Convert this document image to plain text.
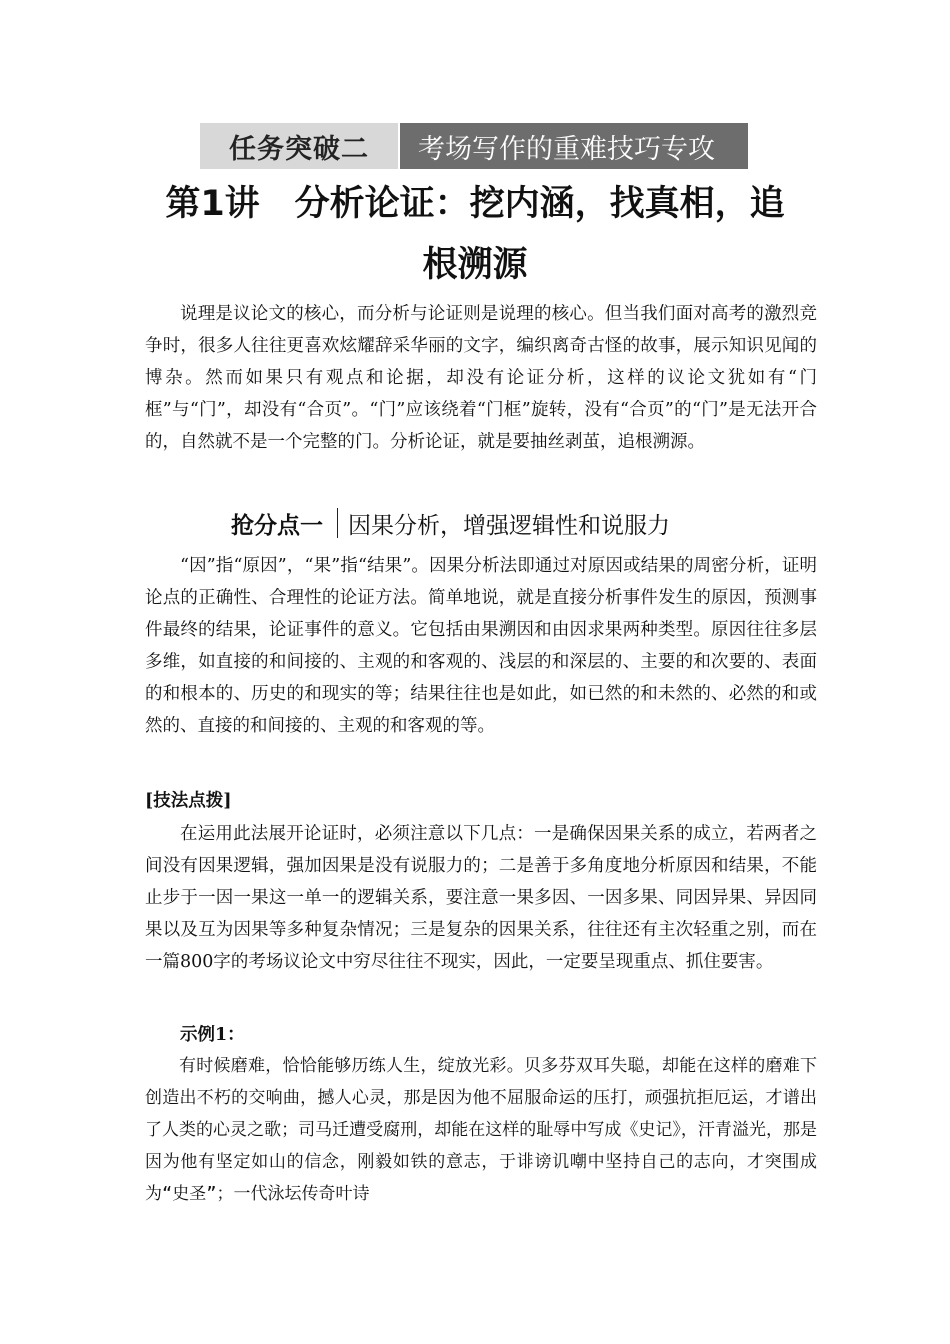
任务突破二	考场写作的重难技巧专攻
第1讲　分析论证：挖内涵，找真相，追
根溯源
说理是议论文的核心，而分析与论证则是说理的核心。但当我们面对高考的激烈竞争时，很多人往往更喜欢炫耀辞采华丽的文字，编织离奇古怪的故事，展示知识见闻的博杂。然而如果只有观点和论据，却没有论证分析，这样的议论文犹如有“门框”与“门”，却没有“合页”。“门”应该绕着“门框”旋转，没有“合页”的“门”是无法开合的，自然就不是一个完整的门。分析论证，就是要抽丝剥茧，追根溯源。
抢分点一 因果分析，增强逻辑性和说服力
“因”指“原因”，“果”指“结果”。因果分析法即通过对原因或结果的周密分析，证明论点的正确性、合理性的论证方法。简单地说，就是直接分析事件发生的原因，预测事件最终的结果，论证事件的意义。它包括由果溯因和由因求果两种类型。原因往往多层多维，如直接的和间接的、主观的和客观的、浅层的和深层的、主要的和次要的、表面的和根本的、历史的和现实的等；结果往往也是如此，如已然的和未然的、必然的和或然的、直接的和间接的、主观的和客观的等。
[技法点拨]
在运用此法展开论证时，必须注意以下几点：一是确保因果关系的成立，若两者之间没有因果逻辑，强加因果是没有说服力的；二是善于多角度地分析原因和结果，不能止步于一因一果这一单一的逻辑关系，要注意一果多因、一因多果、同因异果、异因同果以及互为因果等多种复杂情况；三是复杂的因果关系，往往还有主次轻重之别，而在一篇800字的考场议论文中穷尽往往不现实，因此，一定要呈现重点、抓住要害。
示例1：
有时候磨难，恰恰能够历练人生，绽放光彩。贝多芬双耳失聪，却能在这样的磨难下创造出不朽的交响曲，撼人心灵，那是因为他不屈服命运的压打，顽强抗拒厄运，才谱出了人类的心灵之歌；司马迁遭受腐刑，却能在这样的耻辱中写成《史记》，汗青溢光，那是因为他有坚定如山的信念，刚毅如铁的意志，于诽谤讥嘲中坚持自己的志向，才突围成为“史圣”；一代泳坛传奇叶诗
